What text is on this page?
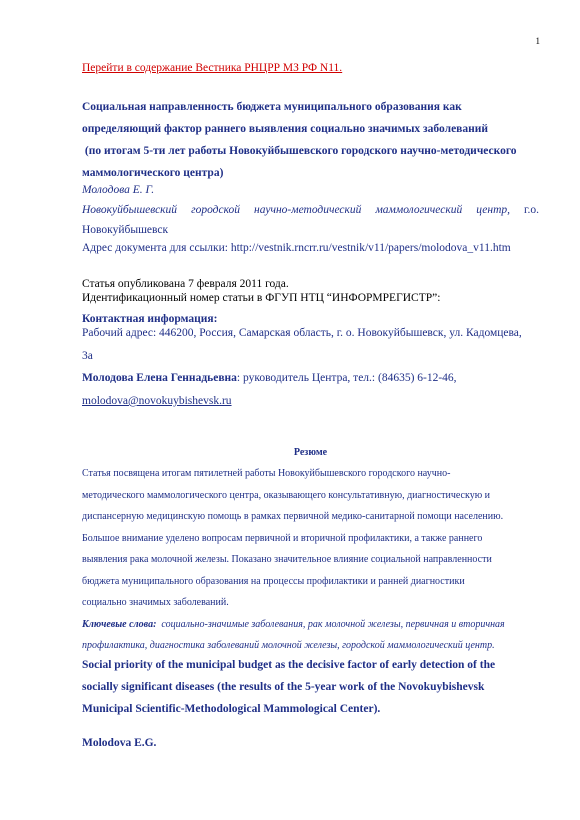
1
Перейти в содержание Вестника РНЦРР МЗ РФ N11.

Социальная направленность бюджета муниципального образования как

определяющий фактор раннего выявления социально значимых заболеваний

(по итогам 5-ти лет работы Новокуйбышевского городского научно-методического

маммологического центра)

Молодова Е. Г.
Новокуйбышевский городской научно-методический маммологический центр, г.о.
Новокуйбышевск
Адрес документа для ссылки: http://vestnik.rncrr.ru/vestnik/v11/papers/molodova_v11.htm

Статья опубликована 7 февраля 2011 года.

Идентификационный номер статьи в ФГУП НТЦ “ИНФОРМРЕГИСТР”:

Контактная информация:
Рабочий адрес: 446200, Россия, Самарская область, г. о. Новокуйбышевск, ул. Кадомцева,
3а
Молодова Елена Геннадьевна: руководитель Центра, тел.: (84635) 6-12-46,
molodova@novokuybishevsk.ru
Резюме

Статья посвящена итогам пятилетней работы Новокуйбышевского городского научно-

методического маммологического центра, оказывающего консультативную, диагностическую и

диспансерную медицинскую помощь в рамках первичной медико-санитарной помощи населению.

Большое внимание уделено вопросам первичной и вторичной профилактики, а также раннего

выявления рака молочной железы. Показано значительное влияние социальной направленности

бюджета муниципального образования на процессы профилактики и ранней диагностики

социально значимых заболеваний.

Ключевые слова:  социально-значимые заболевания, рак молочной железы, первичная и вторичная

профилактика, диагностика заболеваний молочной железы, городской маммологический центр.

Social priority of the municipal budget as the decisive factor of early detection of the

socially significant diseases (the results of the 5-year work of the Novokuybishevsk

Municipal Scientific-Methodological Mammological Center).

Molodova E.G.
